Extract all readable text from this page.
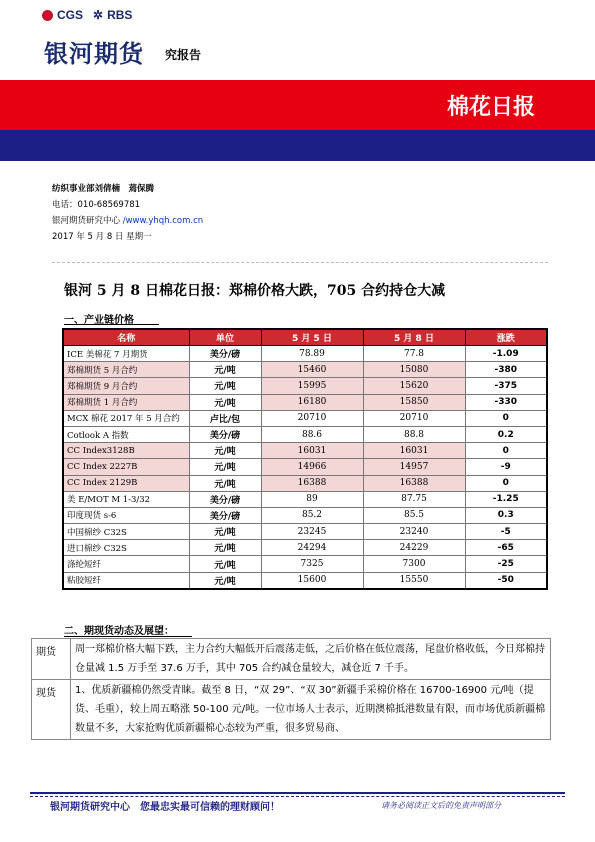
CGS ✲ RBS
银河期货 究报告
棉花日报
纺织事业部刘倩楠　蔫保腾
电话：010-68569781
银河期货研究中心 /www.yhqh.com.cn
2017 年 5 月 8 日 星期一
银河 5 月 8 日棉花日报：郑棉价格大跌，705 合约持仓大减
一、产业链价格
名称	单位	5 月 5 日	5 月 8 日	涨跌
ICE 美棉花 7 月期货	美分/磅	78.89	77.8	-1.09
郑棉期货 5 月合约	元/吨	15460	15080	-380
郑棉期货 9 月合约	元/吨	15995	15620	-375
郑棉期货 1 月合约	元/吨	16180	15850	-330
MCX 棉花 2017 年 5 月合约	卢比/包	20710	20710	0
Cotlook A 指数	美分/磅	88.6	88.8	0.2
CC Index3128B	元/吨	16031	16031	0
CC Index 2227B	元/吨	14966	14957	-9
CC Index 2129B	元/吨	16388	16388	0
美 E/MOT M 1-3/32	美分/磅	89	87.75	-1.25
印度现货 s-6	美分/磅	85.2	85.5	0.3
中国棉纱 C32S	元/吨	23245	23240	-5
进口棉纱 C32S	元/吨	24294	24229	-65
涤纶短纤	元/吨	7325	7300	-25
粘胶短纤	元/吨	15600	15550	-50
二、期现货动态及展望：
期货	周一郑棉价格大幅下跌，主力合约大幅低开后震荡走低，之后价格在低位震荡，尾盘价格收低，今日郑棉持仓量减 1.5 万手至 37.6 万手，其中 705 合约减仓量较大，减仓近 7 千手。
现货	1、优质新疆棉仍然受青睐。截至 8 日，“双 29”、“双 30”新疆手采棉价格在 16700-16900 元/吨（提货、毛重），较上周五略涨 50-100 元/吨。一位市场人士表示，近期澳棉抵港数量有限，而市场优质新疆棉数量不多，大家抢购优质新疆棉心态较为严重，很多贸易商、
银河期货研究中心　您最忠实最可信赖的理财顾问！	请务必阅读正文后的免责声明部分
